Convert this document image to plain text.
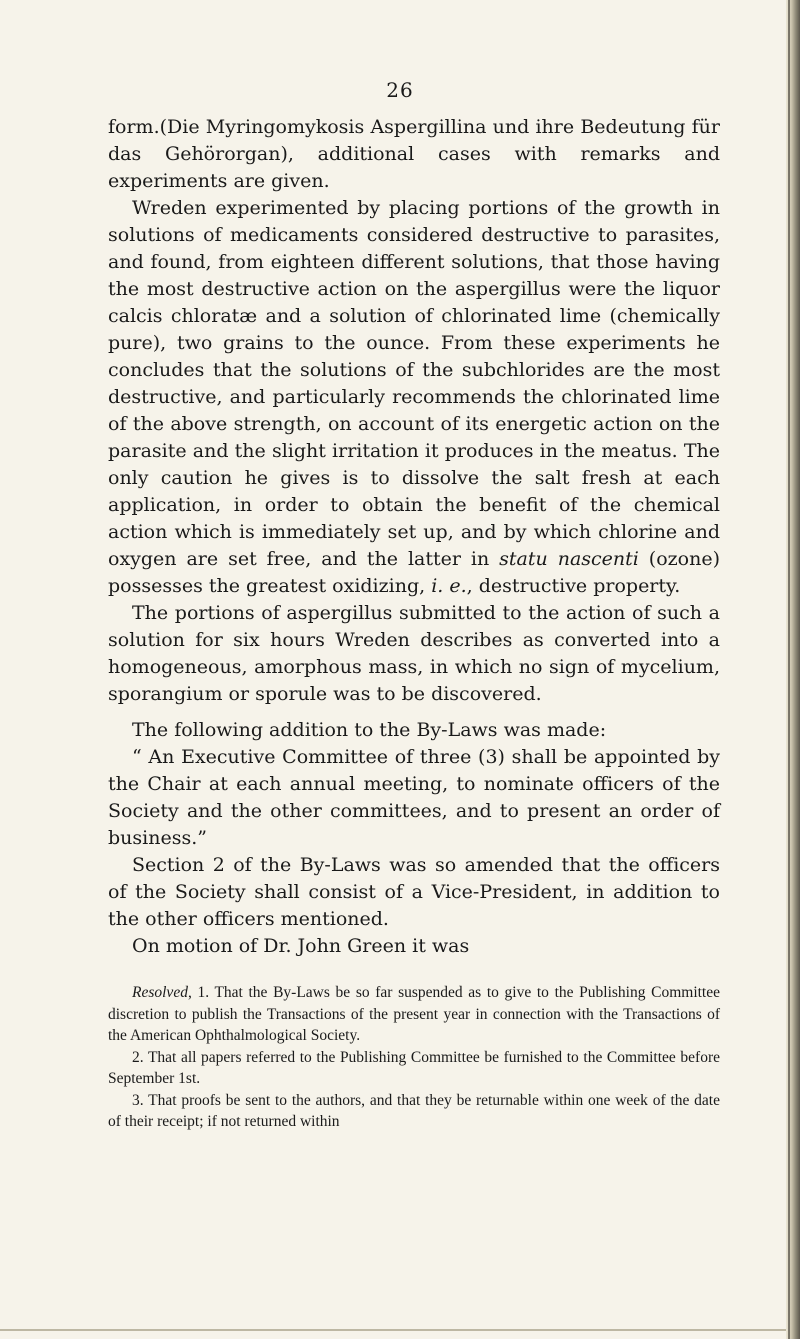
26

form.(Die Myringomykosis Aspergillina und ihre Bedeutung für das Gehörorgan), additional cases with remarks and experiments are given.

Wreden experimented by placing portions of the growth in solutions of medicaments considered destructive to parasites, and found, from eighteen different solutions, that those having the most destructive action on the aspergillus were the liquor calcis chloratæ and a solution of chlorinated lime (chemically pure), two grains to the ounce. From these experiments he concludes that the solutions of the subchlorides are the most destructive, and particularly recommends the chlorinated lime of the above strength, on account of its energetic action on the parasite and the slight irritation it produces in the meatus. The only caution he gives is to dissolve the salt fresh at each application, in order to obtain the benefit of the chemical action which is immediately set up, and by which chlorine and oxygen are set free, and the latter in statu nascenti (ozone) possesses the greatest oxidizing, i. e., destructive property.

The portions of aspergillus submitted to the action of such a solution for six hours Wreden describes as converted into a homogeneous, amorphous mass, in which no sign of mycelium, sporangium or sporule was to be discovered.

The following addition to the By-Laws was made:

“ An Executive Committee of three (3) shall be appointed by the Chair at each annual meeting, to nominate officers of the Society and the other committees, and to present an order of business.”

Section 2 of the By-Laws was so amended that the officers of the Society shall consist of a Vice-President, in addition to the other officers mentioned.

On motion of Dr. John Green it was

Resolved, 1. That the By-Laws be so far suspended as to give to the Publishing Committee discretion to publish the Transactions of the present year in connection with the Transactions of the American Ophthalmological Society.

2. That all papers referred to the Publishing Committee be furnished to the Committee before September 1st.

3. That proofs be sent to the authors, and that they be returnable within one week of the date of their receipt; if not returned within
